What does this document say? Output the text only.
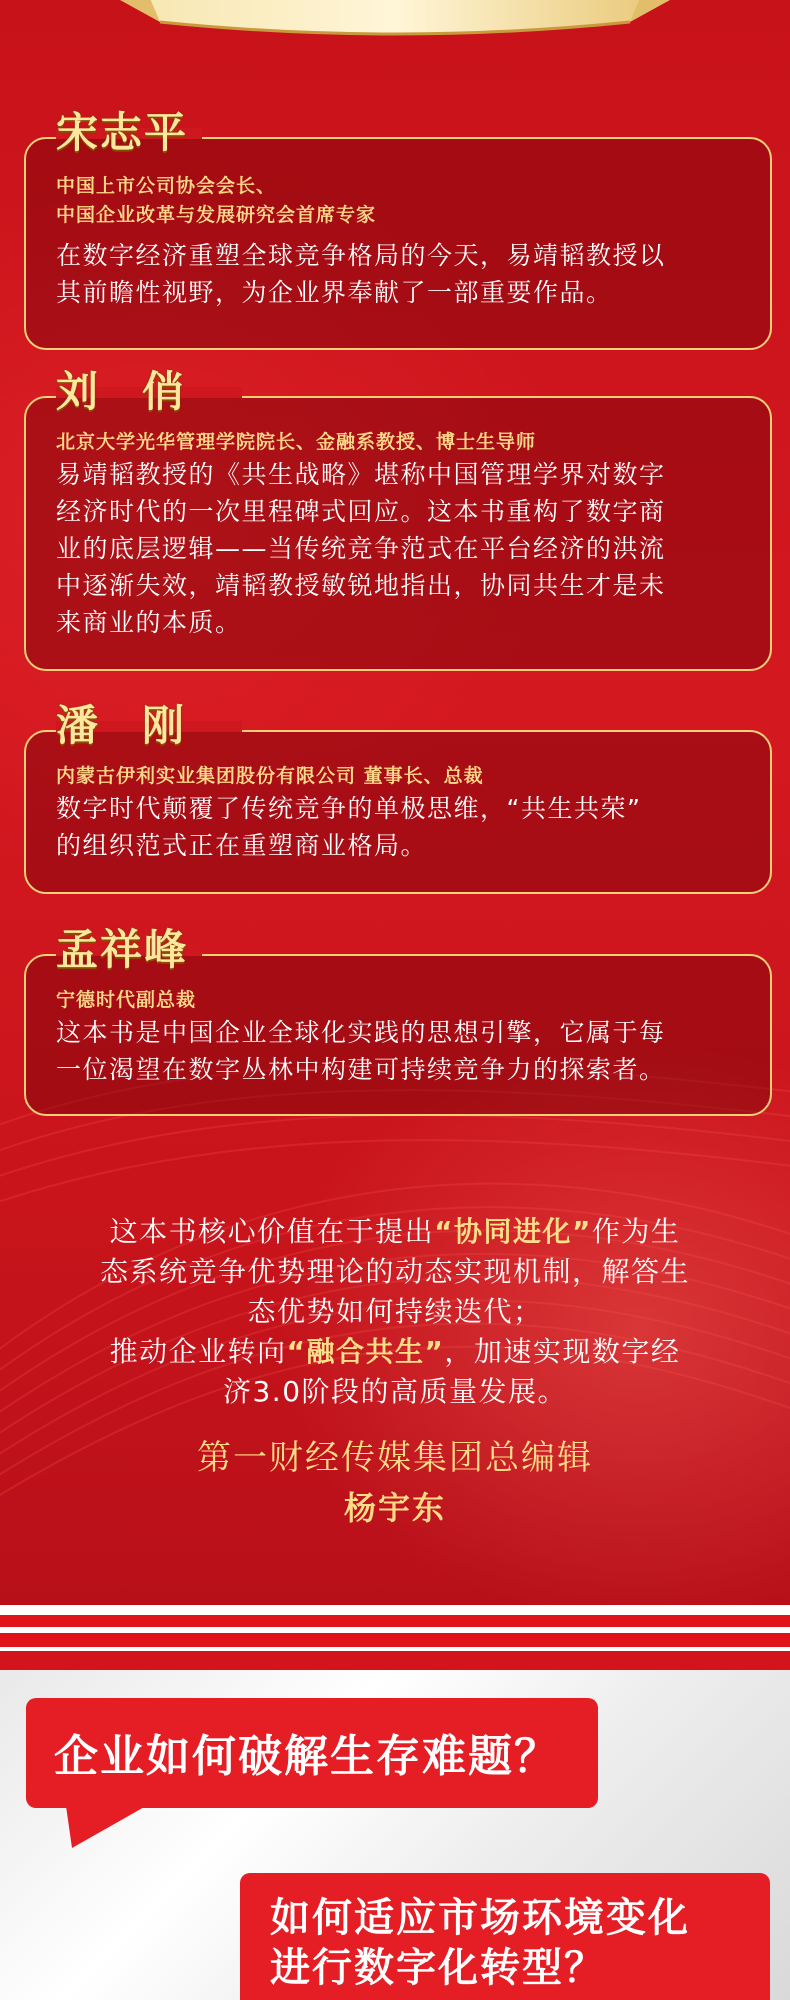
宋志平
中国上市公司协会会长、
中国企业改革与发展研究会首席专家
在数字经济重塑全球竞争格局的今天，易靖韬教授以
其前瞻性视野，为企业界奉献了一部重要作品。
刘俏
北京大学光华管理学院院长、金融系教授、博士生导师
易靖韬教授的《共生战略》堪称中国管理学界对数字
经济时代的一次里程碑式回应。这本书重构了数字商
业的底层逻辑——当传统竞争范式在平台经济的洪流
中逐渐失效，靖韬教授敏锐地指出，协同共生才是未
来商业的本质。
潘刚
内蒙古伊利实业集团股份有限公司 董事长、总裁
数字时代颠覆了传统竞争的单极思维，“共生共荣”
的组织范式正在重塑商业格局。
孟祥峰
宁德时代副总裁
这本书是中国企业全球化实践的思想引擎，它属于每
一位渴望在数字丛林中构建可持续竞争力的探索者。
这本书核心价值在于提出“协同进化”作为生
态系统竞争优势理论的动态实现机制，解答生
态优势如何持续迭代；
推动企业转向“融合共生”，加速实现数字经
济3.0阶段的高质量发展。
第一财经传媒集团总编辑
杨宇东
企业如何破解生存难题？
如何适应市场环境变化
进行数字化转型？
